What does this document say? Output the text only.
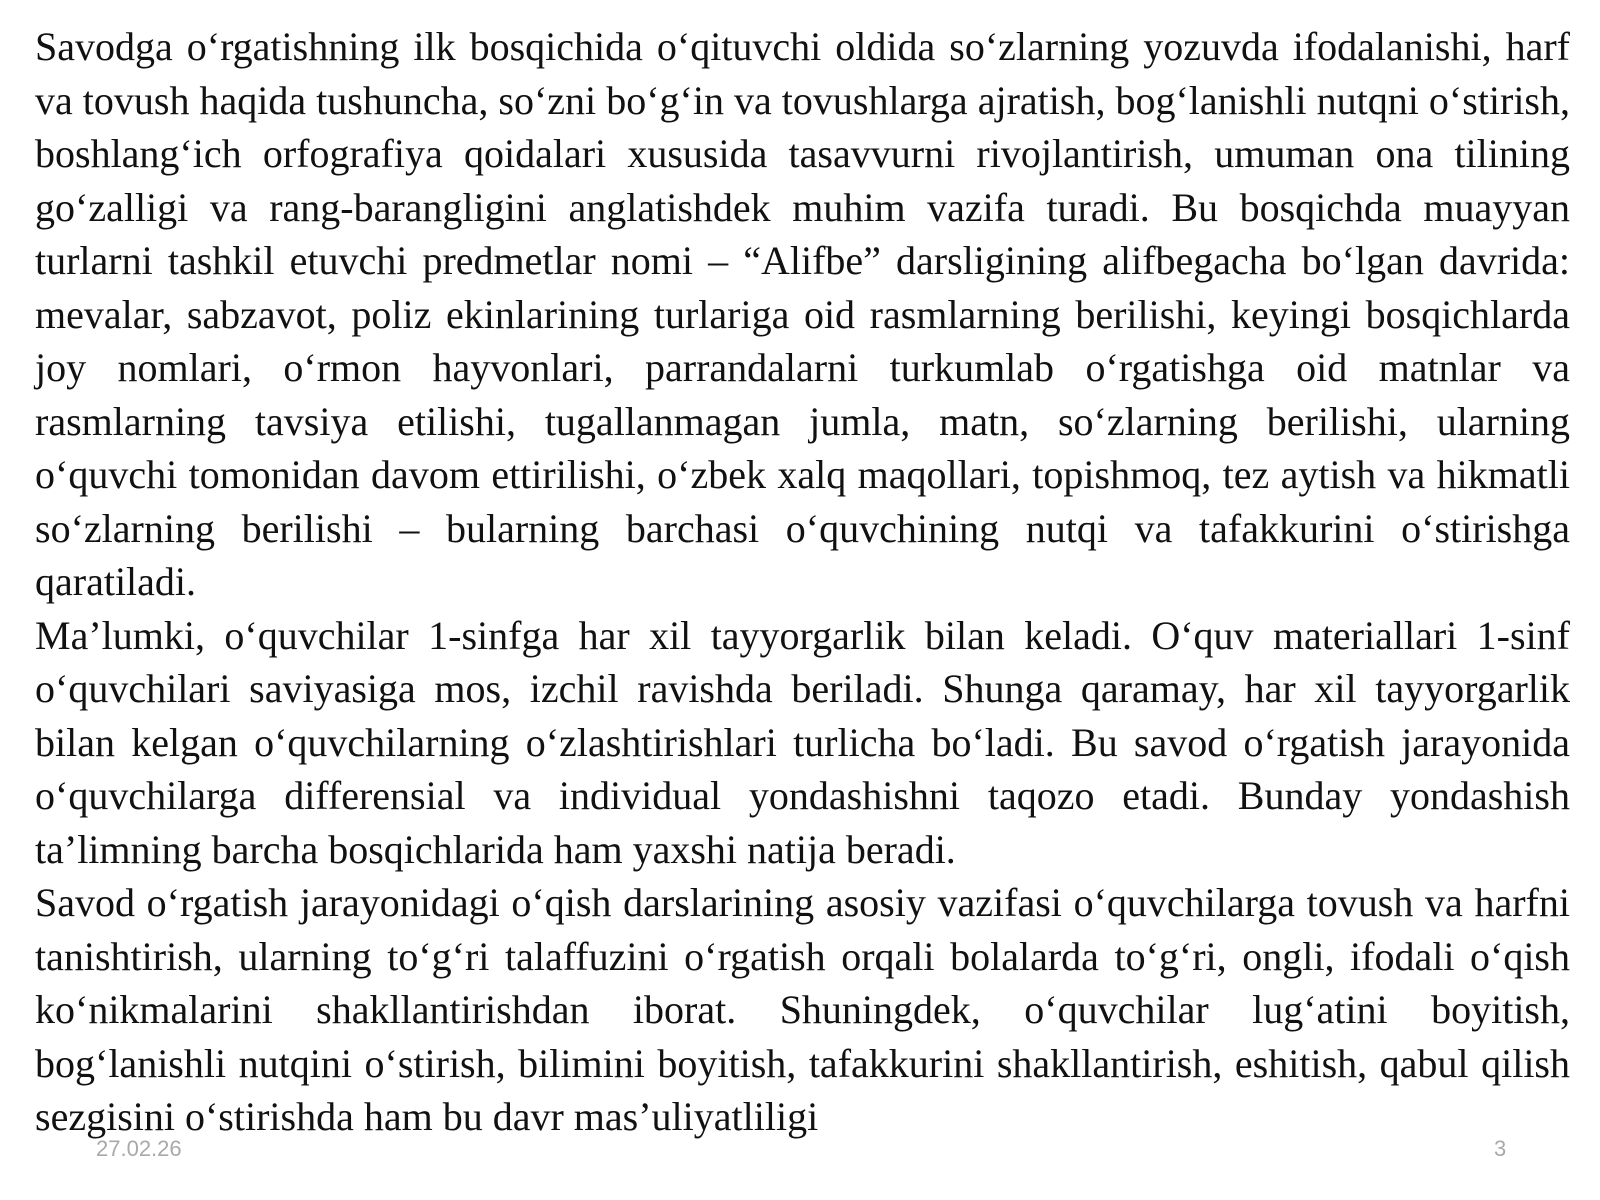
Savodga o‘rgatishning ilk bosqichida o‘qituvchi oldida so‘zlarning yozuvda ifodalanishi, harf va tovush haqida tushuncha, so‘zni bo‘g‘in va tovushlarga ajratish, bog‘lanishli nutqni o‘stirish, boshlang‘ich orfografiya qoidalari xususida tasavvurni rivojlantirish, umuman ona tilining go‘zalligi va rang-barangligini anglatishdek muhim vazifa turadi. Bu bosqichda muayyan turlarni tashkil etuvchi predmetlar nomi – “Alifbe” darsligining alifbegacha bo‘lgan davrida: mevalar, sabzavot, poliz ekinlarining turlariga oid rasmlarning berilishi, keyingi bosqichlarda joy nomlari, o‘rmon hayvonlari, parrandalarni turkumlab o‘rgatishga oid matnlar va rasmlarning tavsiya etilishi, tugallanmagan jumla, matn, so‘zlarning berilishi, ularning o‘quvchi tomonidan davom ettirilishi, o‘zbek xalq maqollari, topishmoq, tez aytish va hikmatli so‘zlarning berilishi – bularning barchasi o‘quvchining nutqi va tafakkurini o‘stirishga qaratiladi.

Ma’lumki, o‘quvchilar 1-sinfga har xil tayyorgarlik bilan keladi. O‘quv materiallari 1-sinf o‘quvchilari saviyasiga mos, izchil ravishda beriladi. Shunga qaramay, har xil tayyorgarlik bilan kelgan o‘quvchilarning o‘zlashtirishlari turlicha bo‘ladi. Bu savod o‘rgatish jarayonida o‘quvchilarga differensial va individual yondashishni taqozo etadi. Bunday yondashish ta’limning barcha bosqichlarida ham yaxshi natija beradi.

Savod o‘rgatish jarayonidagi o‘qish darslarining asosiy vazifasi o‘quvchilarga tovush va harfni tanishtirish, ularning to‘g‘ri talaffuzini o‘rgatish orqali bolalarda to‘g‘ri, ongli, ifodali o‘qish ko‘nikmalarini shakllantirishdan iborat. Shuningdek, o‘quvchilar lug‘atini boyitish, bog‘lanishli nutqini o‘stirish, bilimini boyitish, tafakkurini shakllantirish, eshitish, qabul qilish sezgisini o‘stirishda ham bu davr mas’uliyatliligi

27.02.26	3
